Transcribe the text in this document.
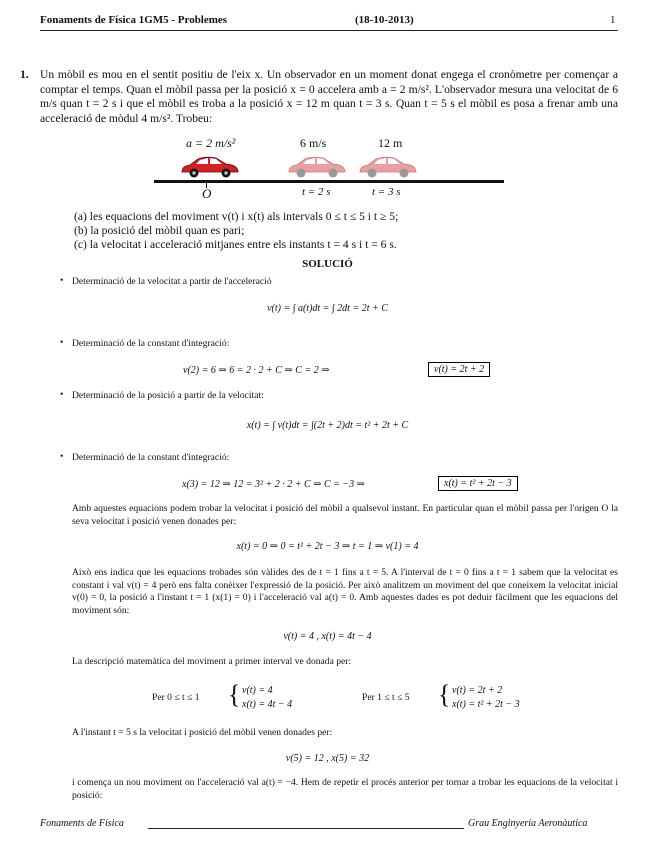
Fonaments de Física 1GM5 - Problemes	(18-10-2013)	1
1. Un mòbil es mou en el sentit positiu de l'eix x. Un observador en un moment donat engega el cronòmetre per començar a comptar el temps. Quan el mòbil passa per la posició x = 0 accelera amb a = 2 m/s². L'observador mesura una velocitat de 6 m/s quan t = 2 s i que el mòbil es troba a la posició x = 12 m quan t = 3 s. Quan t = 5 s el mòbil es posa a frenar amb una acceleració de mòdul 4 m/s². Trobeu:
a = 2 m/s²	6 m/s	12 m
O	t = 2 s	t = 3 s
(a) les equacions del moviment v(t) i x(t) als intervals 0 ≤ t ≤ 5 i t ≥ 5;
(b) la posició del mòbil quan es pari;
(c) la velocitat i acceleració mitjanes entre els instants t = 4 s i t = 6 s.
SOLUCIÓ
• Determinació de la velocitat a partir de l'acceleració
v(t) = ∫ a(t)dt = ∫ 2dt = 2t + C
• Determinació de la constant d'integració:
v(2) = 6 ⇒ 6 = 2 · 2 + C ⇒ C = 2 ⇒	v(t) = 2t + 2
• Determinació de la posició a partir de la velocitat:
x(t) = ∫ v(t)dt = ∫(2t + 2)dt = t² + 2t + C
• Determinació de la constant d'integració:
x(3) = 12 ⇒ 12 = 3² + 2 · 2 + C ⇒ C = −3 ⇒	x(t) = t² + 2t − 3
Amb aquestes equacions podem trobar la velocitat i posició del mòbil a qualsevol instant. En particular quan el mòbil passa per l'origen O la seva velocitat i posició venen donades per:
x(t) = 0 ⇒ 0 = t² + 2t − 3 ⇒ t = 1 ⇒ v(1) = 4
Això ens indica que les equacions trobades són vàlides des de t = 1 fins a t = 5. A l'interval de t = 0 fins a t = 1 sabem que la velocitat es constant i val v(t) = 4 però ens falta conèixer l'expressió de la posició. Per això analitzem un moviment del que coneixem la velocitat inicial v(0) = 0, la posició a l'instant t = 1 (x(1) = 0) i l'acceleració val a(t) = 0. Amb aquestes dades es pot deduir fàcilment que les equacions del moviment són:
v(t) = 4 , x(t) = 4t − 4
La descripció matemàtica del moviment a primer interval ve donada per:
Per 0 ≤ t ≤ 1 { v(t) = 4
x(t) = 4t − 4
Per 1 ≤ t ≤ 5 { v(t) = 2t + 2
x(t) = t² + 2t − 3
A l'instant t = 5 s la velocitat i posició del mòbil venen donades per:
v(5) = 12 , x(5) = 32
i comença un nou moviment on l'acceleració val a(t) = −4. Hem de repetir el procés anterior per tornar a trobar les equacions de la velocitat i posició:
Fonaments de Física	Grau Enginyeria Aeronàutica
